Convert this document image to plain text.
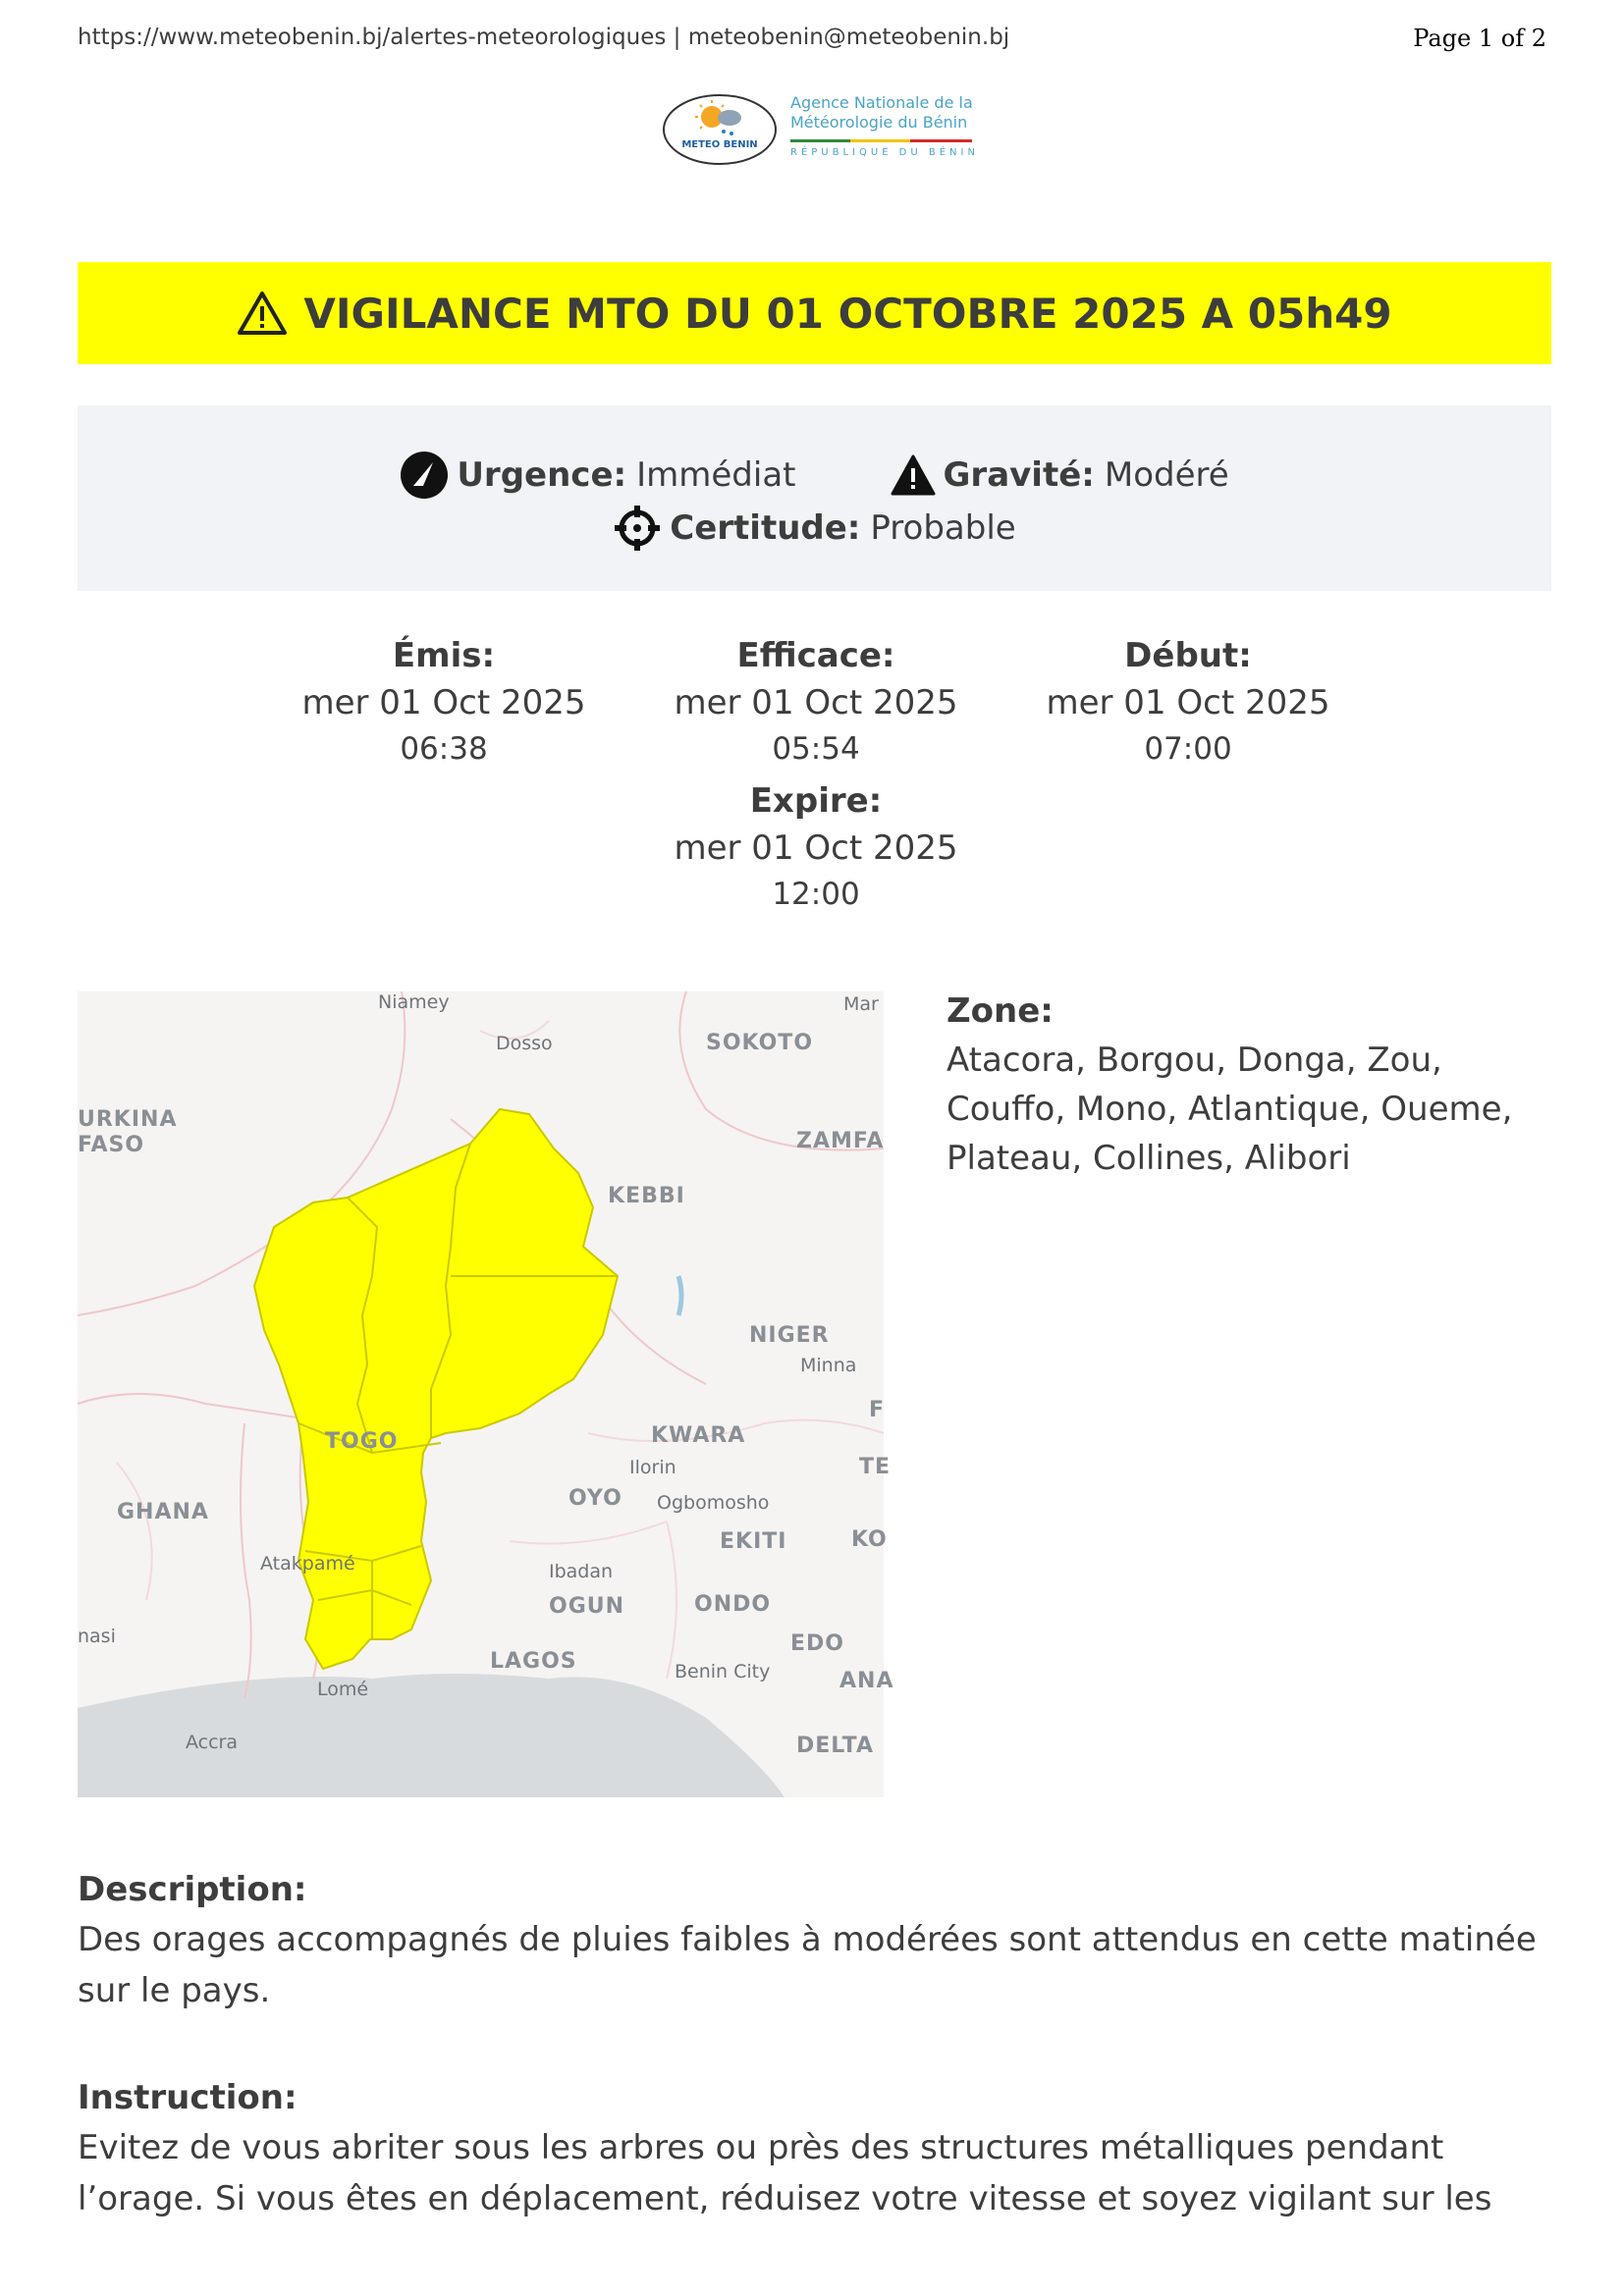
https://www.meteobenin.bj/alertes-meteorologiques | meteobenin@meteobenin.bj	Page 1 of 2
METEO BENIN
Agence Nationale de la
Météorologie du Bénin
RÉPUBLIQUE DU BÉNIN
VIGILANCE MTO DU 01 OCTOBRE 2025 A 05h49
Urgence: Immédiat	Gravité: Modéré
Certitude: Probable
Émis:
mer 01 Oct 2025
06:38
Efficace:
mer 01 Oct 2025
05:54
Début:
mer 01 Oct 2025
07:00
Expire:
mer 01 Oct 2025
12:00
Niamey
Dosso	SOKOTO
Mar
URKINA
FASO	ZAMFA
KEBBI
NIGER
Minna
TOGO	KWARA
Ilorin
OYO Ogbomosho
GHANA
EKITI	KO
Atakpamé	Ibadan
OGUN	ONDO
nasi
LAGOS
EDO
Lomé
Benin City	ANA
Accra	DELTA
F
TE
Zone:
Atacora, Borgou, Donga, Zou, Couffo, Mono, Atlantique, Oueme, Plateau, Collines, Alibori
Description:
Des orages accompagnés de pluies faibles à modérées sont attendus en cette matinée sur le pays.
Instruction:
Evitez de vous abriter sous les arbres ou près des structures métalliques pendant l’orage. Si vous êtes en déplacement, réduisez votre vitesse et soyez vigilant sur les
